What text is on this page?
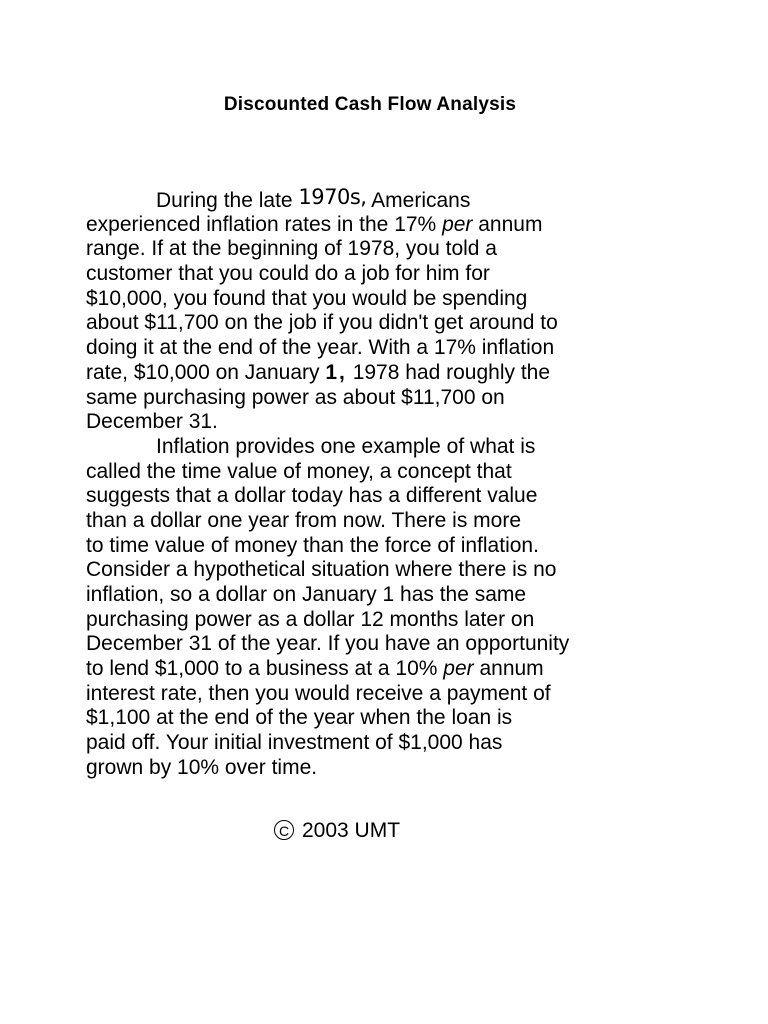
Discounted Cash Flow Analysis
During the late 1970s, Americans
experienced inflation rates in the 17% per annum
range. If at the beginning of 1978, you told a
customer that you could do a job for him for
$10,000, you found that you would be spending
about $11,700 on the job if you didn't get around to
doing it at the end of the year. With a 17% inflation
rate, $10,000 on January 1, 1978 had roughly the
same purchasing power as about $11,700 on
December 31.
Inflation provides one example of what is
called the time value of money, a concept that
suggests that a dollar today has a different value
than a dollar one year from now. There is more
to time value of money than the force of inflation.
Consider a hypothetical situation where there is no
inflation, so a dollar on January 1 has the same
purchasing power as a dollar 12 months later on
December 31 of the year. If you have an opportunity
to lend $1,000 to a business at a 10% per annum
interest rate, then you would receive a payment of
$1,100 at the end of the year when the loan is
paid off. Your initial investment of $1,000 has
grown by 10% over time.
C 2003 UMT
